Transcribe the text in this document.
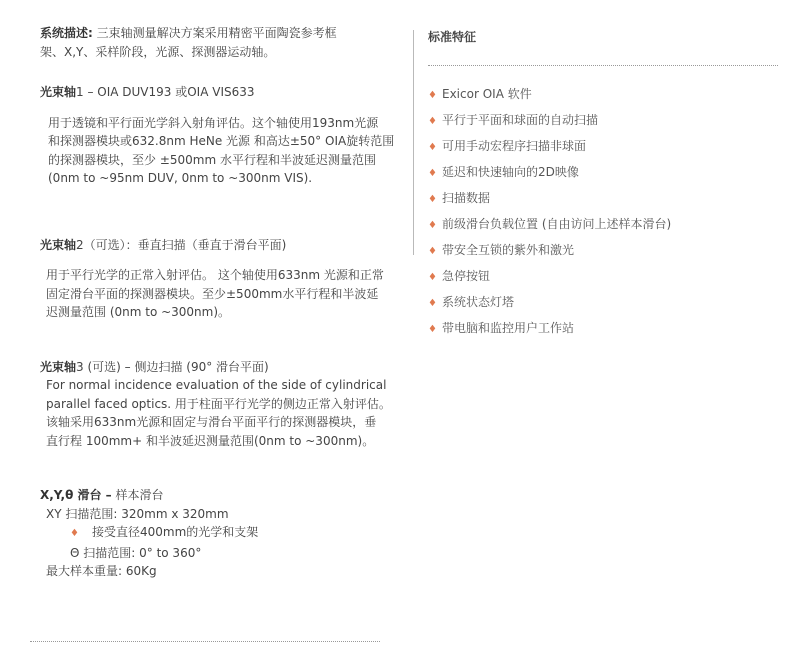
系统描述: 三束轴测量解决方案采用精密平面陶瓷参考框

架、X,Y、采样阶段，光源、探测器运动轴。

光束轴1 – OIA DUV193 或OIA VIS633

用于透镜和平行面光学斜入射角评估。这个轴使用193nm光源

和探测器模块或632.8nm HeNe 光源 和高达±50° OIA旋转范围

的探测器模块，至少 ±500mm 水平行程和半波延迟测量范围

(0nm to ~95nm DUV, 0nm to ~300nm VIS).

光束轴2（可选）：垂直扫描（垂直于滑台平面)

用于平行光学的正常入射评估。 这个轴使用633nm 光源和正常

固定滑台平面的探测器模块。至少±500mm水平行程和半波延

迟测量范围 (0nm to ~300nm)。

光束轴3 (可选) – 侧边扫描 (90° 滑台平面)

For normal incidence evaluation of the side of cylindrical

parallel faced optics. 用于柱面平行光学的侧边正常入射评估。

该轴采用633nm光源和固定与滑台平面平行的探测器模块，垂

直行程 100mm+ 和半波延迟测量范围(0nm to ~300nm)。

X,Y,θ 滑台 – 样本滑台

XY 扫描范围: 320mm x 320mm

♦ 接受直径400mm的光学和支架

Θ 扫描范围: 0° to 360°

最大样本重量: 60Kg

标准特征
♦ Exicor OIA 软件
♦ 平行于平面和球面的自动扫描
♦ 可用手动宏程序扫描非球面
♦ 延迟和快速轴向的2D映像
♦ 扫描数据
♦ 前级滑台负载位置 (自由访问上述样本滑台)
♦ 带安全互锁的紫外和激光
♦ 急停按钮
♦ 系统状态灯塔
♦ 带电脑和监控用户工作站
